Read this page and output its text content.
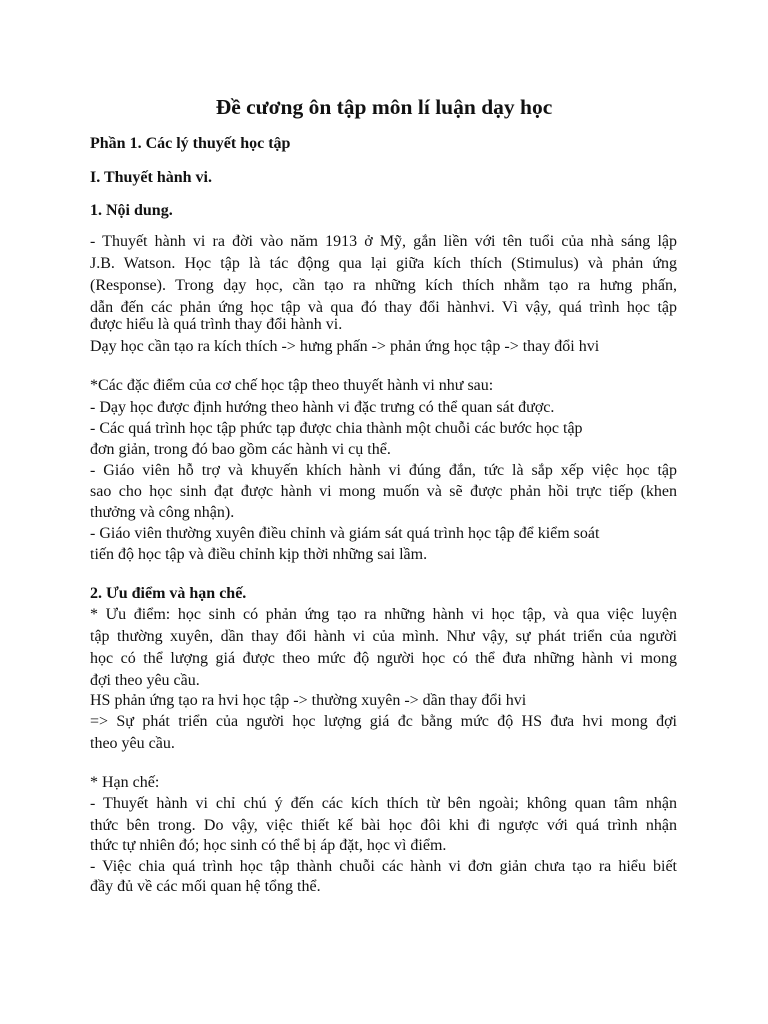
Đề cương ôn tập môn lí luận dạy học
Phần 1. Các lý thuyết học tập
I. Thuyết hành vi.
1. Nội dung.
- Thuyết hành vi ra đời vào năm 1913 ở Mỹ, gắn liền với tên tuổi của nhà sáng lập
J.B. Watson. Học tập là tác động qua lại giữa kích thích (Stimulus) và phản ứng
(Response). Trong dạy học, cần tạo ra những kích thích nhằm tạo ra hưng phấn,
dẫn đến các phản ứng học tập và qua đó thay đổi hànhvi. Vì vậy, quá trình học tập
được hiểu là quá trình thay đổi hành vi.
Dạy học cần tạo ra kích thích -> hưng phấn -> phản ứng học tập -> thay đổi hvi
*Các đặc điểm của cơ chế học tập theo thuyết hành vi như sau:
- Dạy học được định hướng theo hành vi đặc trưng có thể quan sát được.
- Các quá trình học tập phức tạp được chia thành một chuỗi các bước học tập
đơn giản, trong đó bao gồm các hành vi cụ thể.
- Giáo viên hỗ trợ và khuyến khích hành vi đúng đắn, tức là sắp xếp việc học tập
sao cho học sinh đạt được hành vi mong muốn và sẽ được phản hồi trực tiếp (khen
thưởng và công nhận).
- Giáo viên thường xuyên điều chỉnh và giám sát quá trình học tập để kiểm soát
tiến độ học tập và điều chỉnh kịp thời những sai lầm.
2. Ưu điểm và hạn chế.
* Ưu điểm: học sinh có phản ứng tạo ra những hành vi học tập, và qua việc luyện
tập thường xuyên, dần thay đổi hành vi của mình. Như vậy, sự phát triển của người
học có thể lượng giá được theo mức độ người học có thể đưa những hành vi mong
đợi theo yêu cầu.
HS phản ứng tạo ra hvi học tập -> thường xuyên -> dần thay đổi hvi
=> Sự phát triển của người học lượng giá đc bằng mức độ HS đưa hvi mong đợi
theo yêu cầu.
* Hạn chế:
- Thuyết hành vi chỉ chú ý đến các kích thích từ bên ngoài; không quan tâm nhận
thức bên trong. Do vậy, việc thiết kế bài học đôi khi đi ngược với quá trình nhận
thức tự nhiên đó; học sinh có thể bị áp đặt, học vì điểm.
- Việc chia quá trình học tập thành chuỗi các hành vi đơn giản chưa tạo ra hiểu biết
đầy đủ về các mối quan hệ tổng thể.
